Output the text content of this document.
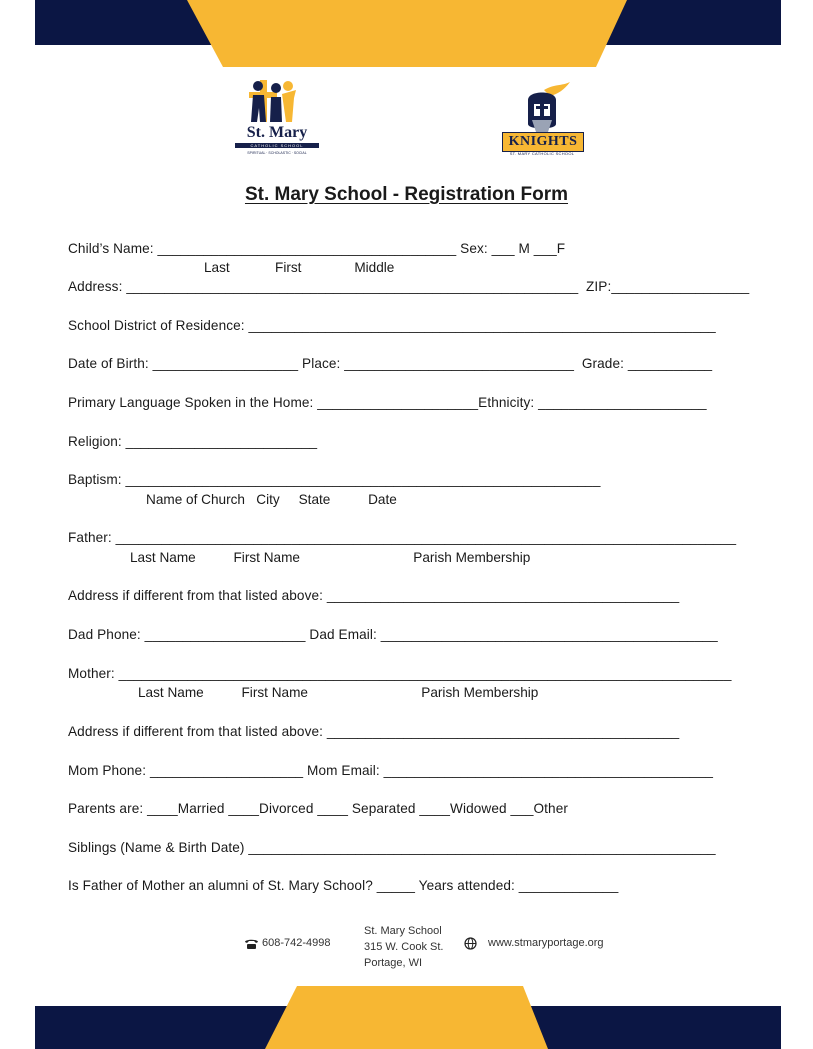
St. Mary
CATHOLIC SCHOOL
SPIRITUAL · SCHOLASTIC · SOCIAL
KNIGHTS
ST. MARY CATHOLIC SCHOOL
St. Mary School - Registration Form
Child’s Name: _______________________________________ Sex: ___ M ___F
Last            First              Middle
Address: ___________________________________________________________  ZIP:__________________
School District of Residence: _____________________________________________________________
Date of Birth: ___________________ Place: ______________________________  Grade: ___________
Primary Language Spoken in the Home: _____________________Ethnicity: ______________________
Religion: _________________________
Baptism: ______________________________________________________________
Name of Church   City     State          Date
Father: _________________________________________________________________________________
Last Name          First Name                              Parish Membership
Address if different from that listed above: ______________________________________________
Dad Phone: _____________________ Dad Email: ____________________________________________
Mother: ________________________________________________________________________________
Last Name          First Name                              Parish Membership
Address if different from that listed above: ______________________________________________
Mom Phone: ____________________ Mom Email: ___________________________________________
Parents are: ____Married ____Divorced ____ Separated ____Widowed ___Other
Siblings (Name & Birth Date) _____________________________________________________________
Is Father of Mother an alumni of St. Mary School? _____ Years attended: _____________
608-742-4998
St. Mary School
315 W. Cook St.
Portage, WI
www.stmaryportage.org
